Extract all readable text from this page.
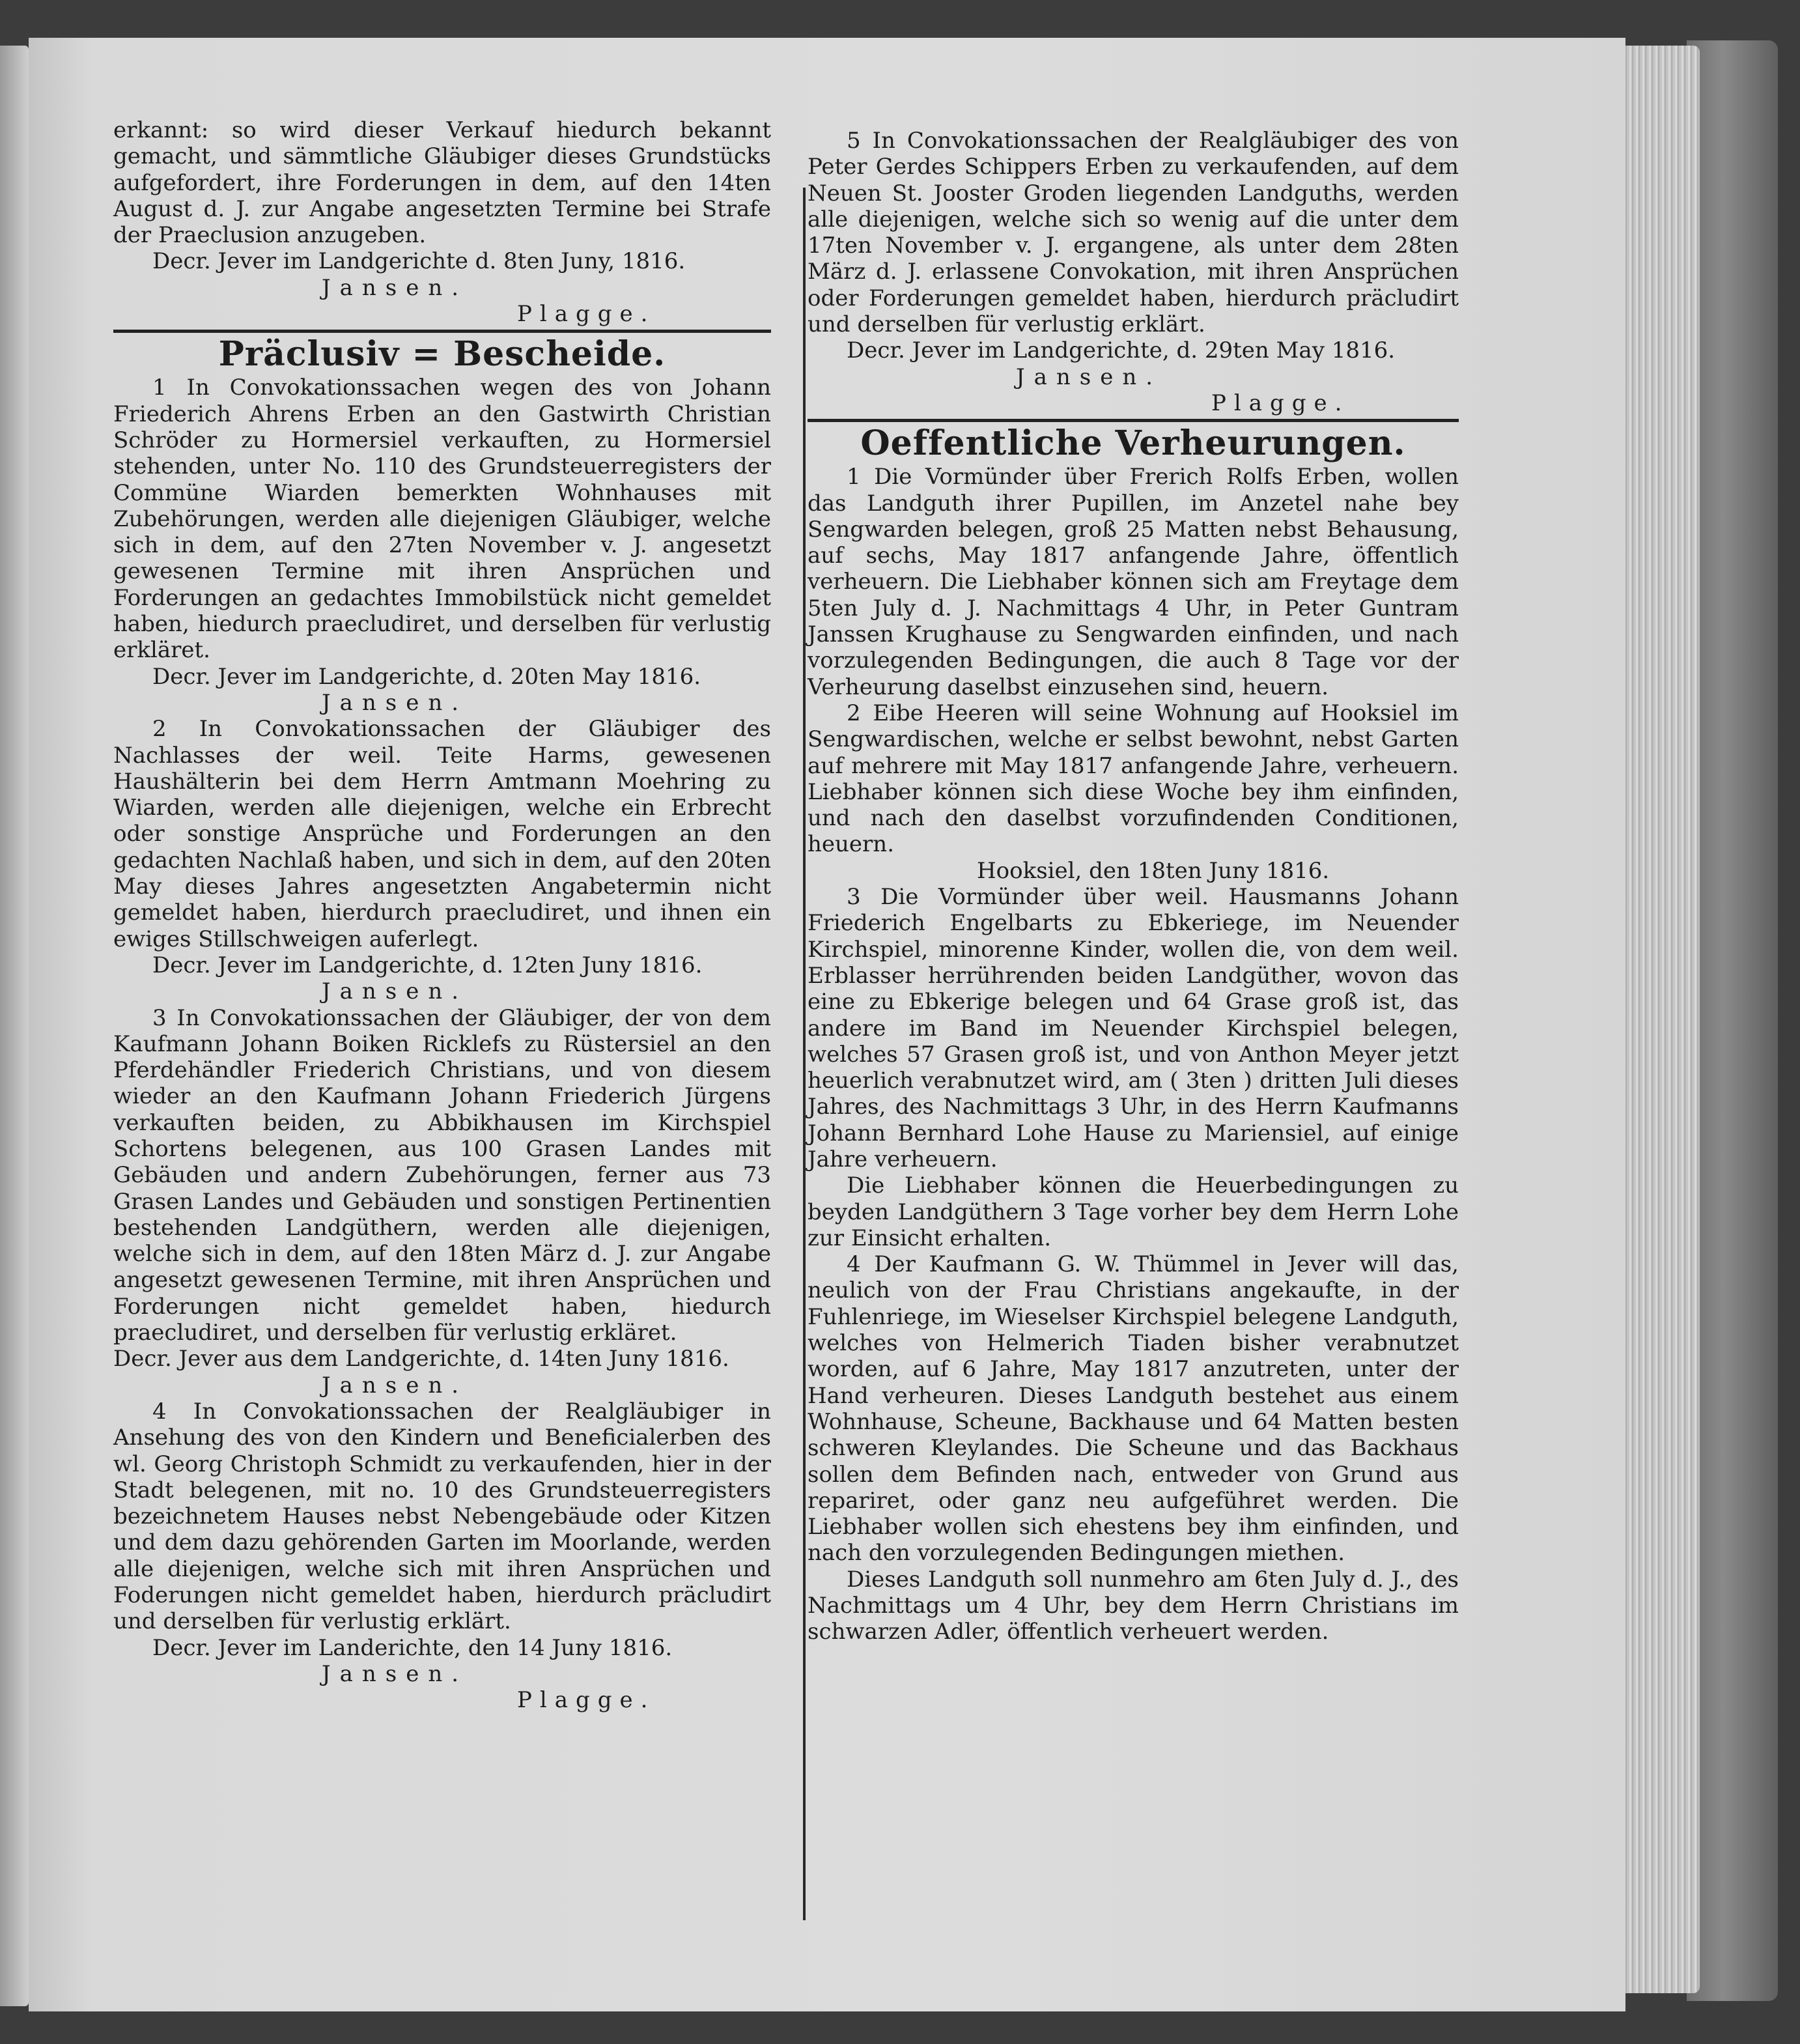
erkannt: so wird dieser Verkauf hiedurch bekannt gemacht, und sämmtliche Gläubiger dieses Grundstücks aufgefordert, ihre Forderungen in dem, auf den 14ten August d. J. zur Angabe angesetzten Termine bei Strafe der Praeclusion anzugeben.

Decr. Jever im Landgerichte d. 8ten Juny, 1816.

Jansen.

Plagge.

Präclusiv = Bescheide.

1 In Convokationssachen wegen des von Johann Friederich Ahrens Erben an den Gastwirth Christian Schröder zu Hormersiel verkauften, zu Hormersiel stehenden, unter No. 110 des Grundsteuerregisters der Commüne Wiarden bemerkten Wohnhauses mit Zubehörungen, werden alle diejenigen Gläubiger, welche sich in dem, auf den 27ten November v. J. angesetzt gewesenen Termine mit ihren Ansprüchen und Forderungen an gedachtes Immobilstück nicht gemeldet haben, hiedurch praecludiret, und derselben für verlustig erkläret.

Decr. Jever im Landgerichte, d. 20ten May 1816.

Jansen.

2 In Convokationssachen der Gläubiger des Nachlasses der weil. Teite Harms, gewesenen Haushälterin bei dem Herrn Amtmann Moehring zu Wiarden, werden alle diejenigen, welche ein Erbrecht oder sonstige Ansprüche und Forderungen an den gedachten Nachlaß haben, und sich in dem, auf den 20ten May dieses Jahres angesetzten Angabetermin nicht gemeldet haben, hierdurch praecludiret, und ihnen ein ewiges Stillschweigen auferlegt.

Decr. Jever im Landgerichte, d. 12ten Juny 1816.

Jansen.

3 In Convokationssachen der Gläubiger, der von dem Kaufmann Johann Boiken Ricklefs zu Rüstersiel an den Pferdehändler Friederich Christians, und von diesem wieder an den Kaufmann Johann Friederich Jürgens verkauften beiden, zu Abbikhausen im Kirchspiel Schortens belegenen, aus 100 Grasen Landes mit Gebäuden und andern Zubehörungen, ferner aus 73 Grasen Landes und Gebäuden und sonstigen Pertinentien bestehenden Landgüthern, werden alle diejenigen, welche sich in dem, auf den 18ten März d. J. zur Angabe angesetzt gewesenen Termine, mit ihren Ansprüchen und Forderungen nicht gemeldet haben, hiedurch praecludiret, und derselben für verlustig erkläret.

Decr. Jever aus dem Landgerichte, d. 14ten Juny 1816.

Jansen.

4 In Convokationssachen der Realgläubiger in Ansehung des von den Kindern und Beneficialerben des wl. Georg Christoph Schmidt zu verkaufenden, hier in der Stadt belegenen, mit no. 10 des Grundsteuerregisters bezeichnetem Hauses nebst Nebengebäude oder Kitzen und dem dazu gehörenden Garten im Moorlande, werden alle diejenigen, welche sich mit ihren Ansprüchen und Foderungen nicht gemeldet haben, hierdurch präcludirt und derselben für verlustig erklärt.

Decr. Jever im Landerichte, den 14 Juny 1816.

Jansen.

Plagge.

5 In Convokationssachen der Realgläubiger des von Peter Gerdes Schippers Erben zu verkaufenden, auf dem Neuen St. Jooster Groden liegenden Landguths, werden alle diejenigen, welche sich so wenig auf die unter dem 17ten November v. J. ergangene, als unter dem 28ten März d. J. erlassene Convokation, mit ihren Ansprüchen oder Forderungen gemeldet haben, hierdurch präcludirt und derselben für verlustig erklärt.

Decr. Jever im Landgerichte, d. 29ten May 1816.

Jansen.

Plagge.

Oeffentliche Verheurungen.

1 Die Vormünder über Frerich Rolfs Erben, wollen das Landguth ihrer Pupillen, im Anzetel nahe bey Sengwarden belegen, groß 25 Matten nebst Behausung, auf sechs, May 1817 anfangende Jahre, öffentlich verheuern. Die Liebhaber können sich am Freytage dem 5ten July d. J. Nachmittags 4 Uhr, in Peter Guntram Janssen Krughause zu Sengwarden einfinden, und nach vorzulegenden Bedingungen, die auch 8 Tage vor der Verheurung daselbst einzusehen sind, heuern.

2 Eibe Heeren will seine Wohnung auf Hooksiel im Sengwardischen, welche er selbst bewohnt, nebst Garten auf mehrere mit May 1817 anfangende Jahre, verheuern. Liebhaber können sich diese Woche bey ihm einfinden, und nach den daselbst vorzufindenden Conditionen, heuern.

Hooksiel, den 18ten Juny 1816.

3 Die Vormünder über weil. Hausmanns Johann Friederich Engelbarts zu Ebkeriege, im Neuender Kirchspiel, minorenne Kinder, wollen die, von dem weil. Erblasser herrührenden beiden Landgüther, wovon das eine zu Ebkerige belegen und 64 Grase groß ist, das andere im Band im Neuender Kirchspiel belegen, welches 57 Grasen groß ist, und von Anthon Meyer jetzt heuerlich verabnutzet wird, am ( 3ten ) dritten Juli dieses Jahres, des Nachmittags 3 Uhr, in des Herrn Kaufmanns Johann Bernhard Lohe Hause zu Mariensiel, auf einige Jahre verheuern.

Die Liebhaber können die Heuerbedingungen zu beyden Landgüthern 3 Tage vorher bey dem Herrn Lohe zur Einsicht erhalten.

4 Der Kaufmann G. W. Thümmel in Jever will das, neulich von der Frau Christians angekaufte, in der Fuhlenriege, im Wieselser Kirchspiel belegene Landguth, welches von Helmerich Tiaden bisher verabnutzet worden, auf 6 Jahre, May 1817 anzutreten, unter der Hand verheuren. Dieses Landguth bestehet aus einem Wohnhause, Scheune, Backhause und 64 Matten besten schweren Kleylandes. Die Scheune und das Backhaus sollen dem Befinden nach, entweder von Grund aus repariret, oder ganz neu aufgeführet werden. Die Liebhaber wollen sich ehestens bey ihm einfinden, und nach den vorzulegenden Bedingungen miethen.

Dieses Landguth soll nunmehro am 6ten July d. J., des Nachmittags um 4 Uhr, bey dem Herrn Christians im schwarzen Adler, öffentlich verheuert werden.
